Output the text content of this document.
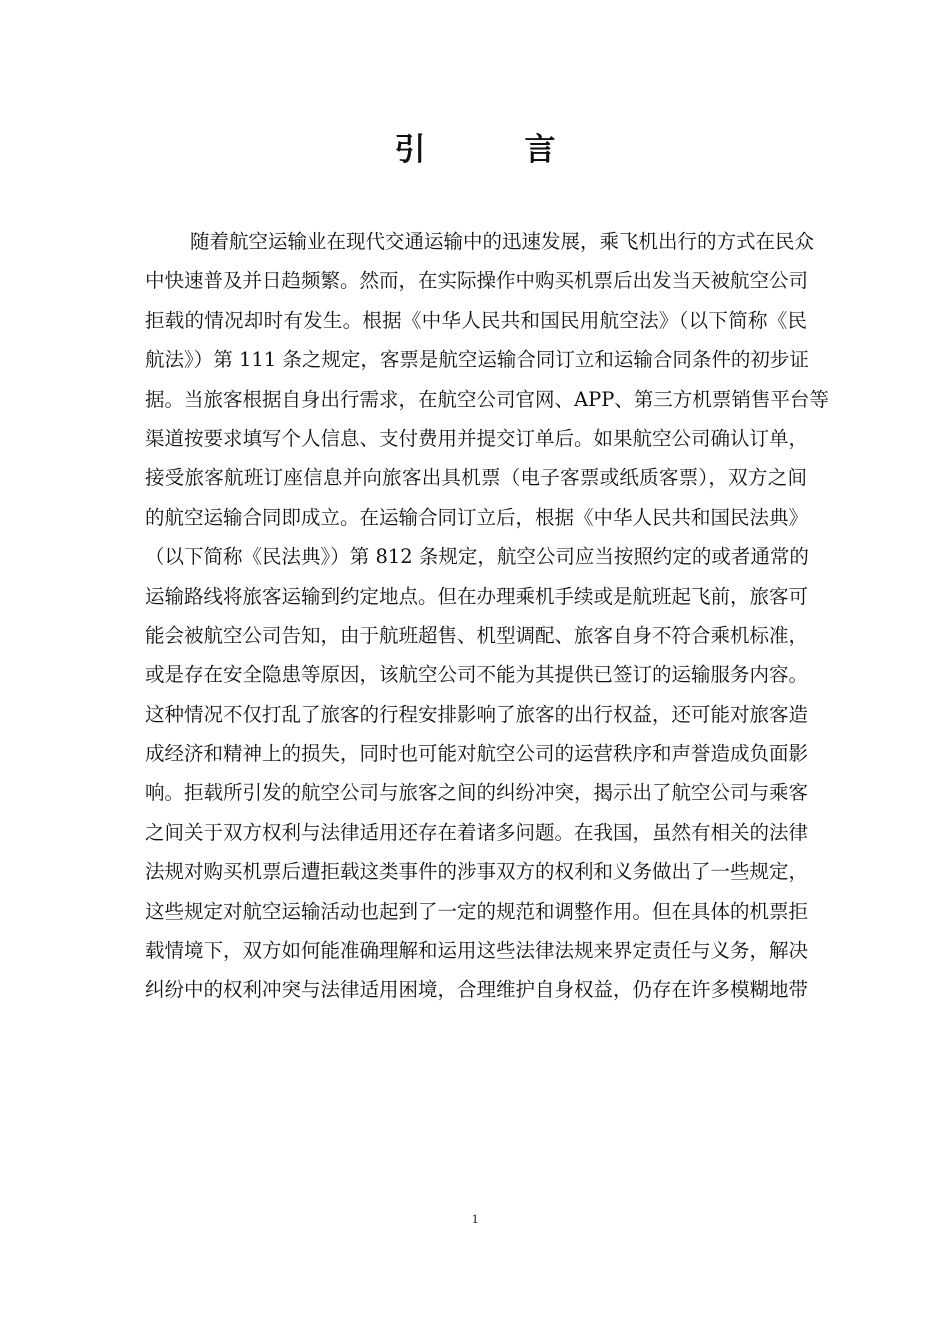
引　言
随着航空运输业在现代交通运输中的迅速发展，乘飞机出行的方式在民众
中快速普及并日趋频繁。然而，在实际操作中购买机票后出发当天被航空公司
拒载的情况却时有发生。根据《中华人民共和国民用航空法》（以下简称《民
航法》）第 111 条之规定，客票是航空运输合同订立和运输合同条件的初步证
据。当旅客根据自身出行需求，在航空公司官网、APP、第三方机票销售平台等
渠道按要求填写个人信息、支付费用并提交订单后。如果航空公司确认订单，
接受旅客航班订座信息并向旅客出具机票（电子客票或纸质客票），双方之间
的航空运输合同即成立。在运输合同订立后，根据《中华人民共和国民法典》
（以下简称《民法典》）第 812 条规定，航空公司应当按照约定的或者通常的
运输路线将旅客运输到约定地点。但在办理乘机手续或是航班起飞前，旅客可
能会被航空公司告知，由于航班超售、机型调配、旅客自身不符合乘机标准，
或是存在安全隐患等原因，该航空公司不能为其提供已签订的运输服务内容。
这种情况不仅打乱了旅客的行程安排影响了旅客的出行权益，还可能对旅客造
成经济和精神上的损失，同时也可能对航空公司的运营秩序和声誉造成负面影
响。拒载所引发的航空公司与旅客之间的纠纷冲突，揭示出了航空公司与乘客
之间关于双方权利与法律适用还存在着诸多问题。在我国，虽然有相关的法律
法规对购买机票后遭拒载这类事件的涉事双方的权利和义务做出了一些规定，
这些规定对航空运输活动也起到了一定的规范和调整作用。但在具体的机票拒
载情境下，双方如何能准确理解和运用这些法律法规来界定责任与义务，解决
纠纷中的权利冲突与法律适用困境，合理维护自身权益，仍存在许多模糊地带
1
